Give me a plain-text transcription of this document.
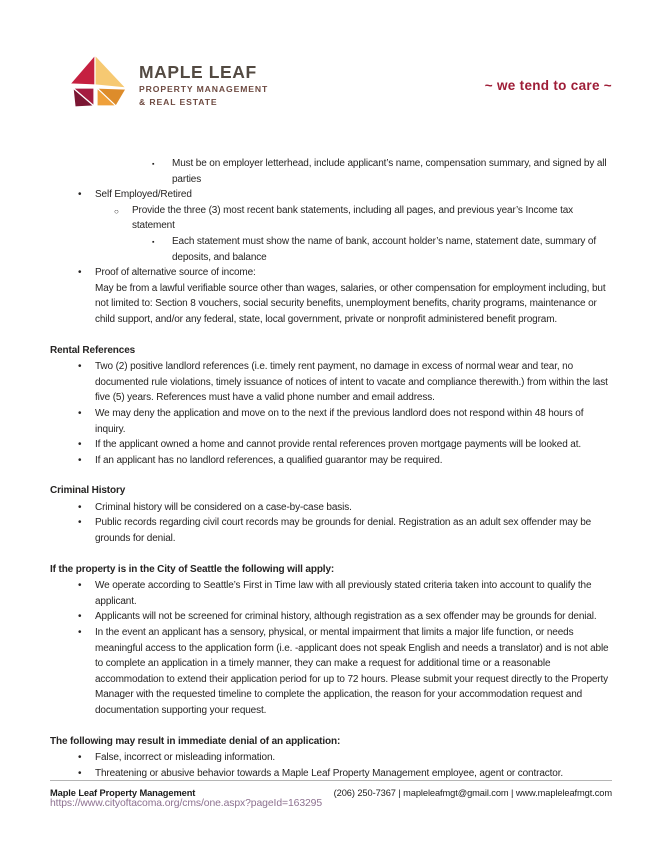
MAPLE LEAF
PROPERTY MANAGEMENT
& REAL ESTATE
~ we tend to care ~
▪	Must be on employer letterhead, include applicant’s name, compensation summary, and signed by all parties
•	Self Employed/Retired
○	Provide the three (3) most recent bank statements, including all pages, and previous year’s Income tax statement
▪	Each statement must show the name of bank, account holder’s name, statement date, summary of deposits, and balance
•	Proof of alternative source of income:
May be from a lawful verifiable source other than wages, salaries, or other compensation for employment including, but not limited to: Section 8 vouchers, social security benefits, unemployment benefits, charity programs, maintenance or child support, and/or any federal, state, local government, private or nonprofit administered benefit program.
Rental References
•	Two (2) positive landlord references (i.e. timely rent payment, no damage in excess of normal wear and tear, no documented rule violations, timely issuance of notices of intent to vacate and compliance therewith.) from within the last five (5) years. References must have a valid phone number and email address.
•	We may deny the application and move on to the next if the previous landlord does not respond within 48 hours of inquiry.
•	If the applicant owned a home and cannot provide rental references proven mortgage payments will be looked at.
•	If an applicant has no landlord references, a qualified guarantor may be required.
Criminal History
•	Criminal history will be considered on a case-by-case basis.
•	Public records regarding civil court records may be grounds for denial. Registration as an adult sex offender may be grounds for denial.
If the property is in the City of Seattle the following will apply:
•	We operate according to Seattle’s First in Time law with all previously stated criteria taken into account to qualify the applicant.
•	Applicants will not be screened for criminal history, although registration as a sex offender may be grounds for denial.
•	In the event an applicant has a sensory, physical, or mental impairment that limits a major life function, or needs meaningful access to the application form (i.e. -applicant does not speak English and needs a translator) and is not able to complete an application in a timely manner, they can make a request for additional time or a reasonable accommodation to extend their application period for up to 72 hours. Please submit your request directly to the Property Manager with the requested timeline to complete the application, the reason for your accommodation request and documentation supporting your request.
The following may result in immediate denial of an application:
•	False, incorrect or misleading information.
•	Threatening or abusive behavior towards a Maple Leaf Property Management employee, agent or contractor.
https://www.cityoftacoma.org/cms/one.aspx?pageId=163295
Maple Leaf Property Management	(206) 250-7367 | mapleleafmgt@gmail.com | www.mapleleafmgt.com
